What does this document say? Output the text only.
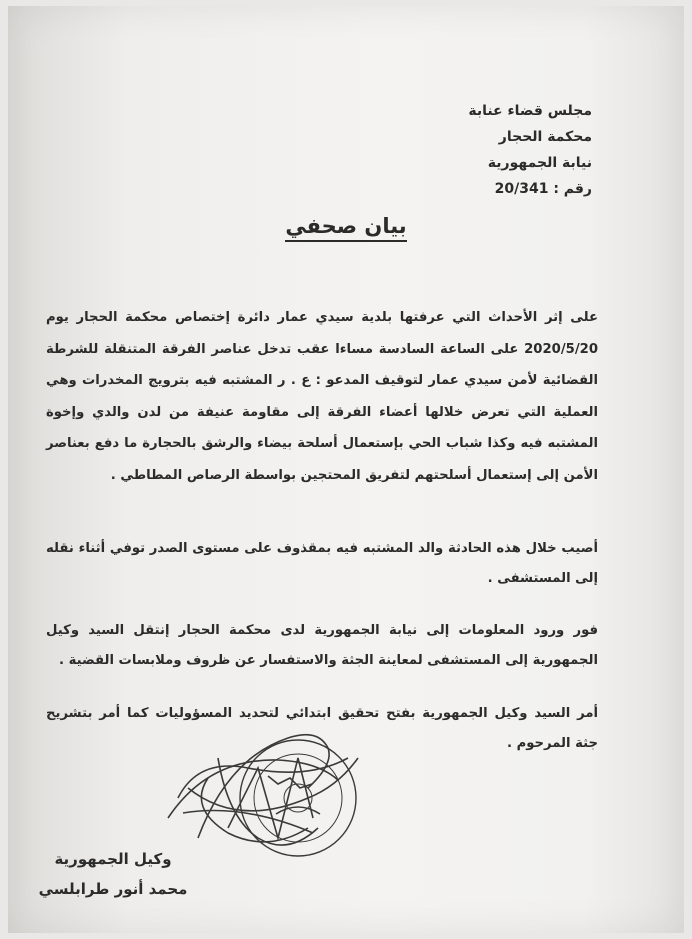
مجلس قضاء عنابة
محكمة الحجار
نيابة الجمهورية
رقم : 20/341
بيان صحفي
على إثر الأحداث التي عرفتها بلدية سيدي عمار دائرة إختصاص محكمة الحجار يوم 2020/5/20 على الساعة السادسة مساءا عقب تدخل عناصر الفرقة المتنقلة للشرطة القضائية لأمن سيدي عمار لتوقيف المدعو : ع . ر المشتبه فيه بترويج المخدرات وهي العملية التي تعرض خلالها أعضاء الفرقة إلى مقاومة عنيفة من لدن والدي وإخوة المشتبه فيه وكذا شباب الحي بإستعمال أسلحة بيضاء والرشق بالحجارة ما دفع بعناصر الأمن إلى إستعمال أسلحتهم لتفريق المحتجين بواسطة الرصاص المطاطي .
أصيب خلال هذه الحادثة والد المشتبه فيه بمقذوف على مستوى الصدر توفي أثناء نقله إلى المستشفى .
فور ورود المعلومات إلى نيابة الجمهورية لدى محكمة الحجار إنتقل السيد وكيل الجمهورية إلى المستشفى لمعاينة الجثة والاستفسار عن ظروف وملابسات القضية .
أمر السيد وكيل الجمهورية بفتح تحقيق ابتدائي لتحديد المسؤوليات كما أمر بتشريح جثة المرحوم .
وكيل الجمهورية
محمد أنور طرابلسي
